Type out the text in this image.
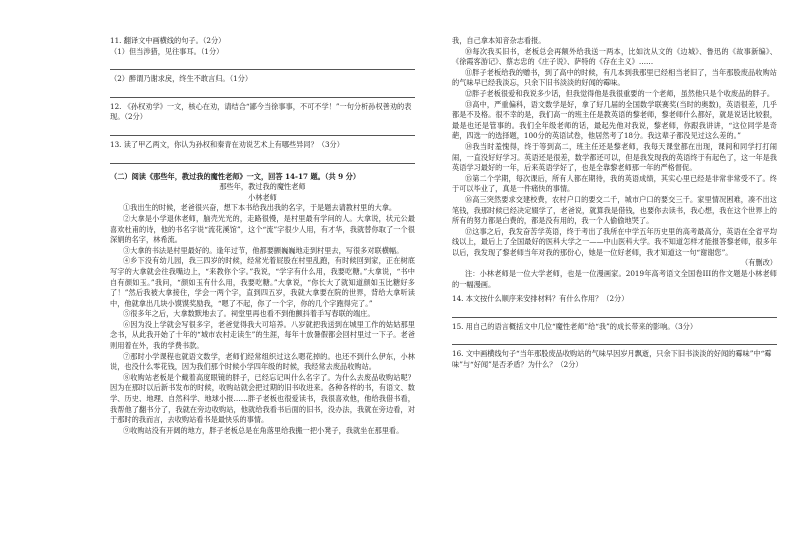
11. 翻译文中画横线的句子。（2分）

（1）但当涉猎，见往事耳。（1分）

（2）醉谓乃谢求戾，终生不敢言归。（1分）

12. 《孙权劝学》一文，核心在劝，请结合“鄙今当徐事事，不可不学！”一句分析孙权善劝的表现。（2分）

13. 读了甲乙两文，你认为孙权和秦青在劝说艺术上有哪些异同？（3分）

（二）阅读《那些年，教过我的魔性老师》一文，回答 14-17 题。（共 9 分）

那些年，教过我的魔性老师

小林老师

①我出生的时候，老爸很兴奋，想下本书给我出我的名字，于是题去请教村里的大拿。

②大拿是小学退休老师，脑壳光光的，走路很慢，是村里最有学问的人。大拿说，状元公最喜欢杜甫的诗，他的书名字说“流花溪馆”，这个“流”字很少人用，有才华，我就替你取了一个很深娟的名字，林希流。

③大拿的书法是村里最好的。逢年过节，他都要颤巍巍地走到村里去，写很多对联横幅。

④乡下没有幼儿园，我三四岁的时候，经常光着屁股在村里乱跑，有时候回到家，正在树底写字的大拿就会往我嘴边上，“来教你个字。”我说，“学字有什么用，我要吃糖。”大拿说，“书中自有颜如玉。”我问，“颜如玉有什么用，我要吃糖。”大拿说，“你长大了就知道颜如玉比糖好多了！”然后我被大拿接住，学会一两个字，直到四五岁，我就大拿要在院的世界，背给大拿听读中，他就拿出几块小馍馍奖励我，“嗯了不起，你了一个字，你的几个字跑得完了。”

⑤很多年之后，大拿数默地去了。祠堂里再也看不到他颤抖着手写春联的端庄。

⑥因为没上学就会写很多字，老爸觉得我大可培养。八岁就把我送到在城里工作的姑姑那里念书，从此我开始了十年的“城市农村走读生”的生涯，每年十放暑假都会回村里过一下子。老爸则用着在外，我的学费书款。

⑦那时小学课程也就语文数学，老师们经常组织过这么嗯花掉的。也还不到什么伊东，小林说，也没什么零花钱，因为我们那个时候小学四年级的时候，我经常去废品收购站。

⑧收购站老板是个戴着高度眼镜的胖子，已经忘记叫什么名字了。为什么去废品收购站呢？因为在那时以后新书发布的时候，收购站就会把过期的旧书收进来。各种各样的书，有语文、数学、历史、地理、自然科学、地球小报……胖子老板也很爱读书，我很喜欢他，他给我借书看，我帮他了翻书分了，我就在旁边收购站，他就给我看书后面的旧书，没办法，我就在旁边看，对于那时的我而言，去收购站看书是最快乐的事情。

⑨收购站没有开阔的地方，胖子老板总是在角落里给我搬一把小凳子，我就坐在那里看。

我，自己拿本知音杂志看报。

⑩每次我买旧书，老板总会再额外给我送一两本，比如沈从文的《边城》、鲁迅的《故事新编》、《徐霞客游记》、蔡志忠的《庄子说》、萨特的《存在主义》……

⑪胖子老板给我的赠书，到了高中的时候，有几本到我那里已经相当老旧了，当年那股废品收购站的气味早已经我淡忘，只余下旧书淡淡的好闻的霉味。

⑫胖子老板很爱和我说多少话，但我觉得他是我很重要的一个老师，虽然他只是个收废品的胖子。

⑬高中，严重偏科，语文数学是好，拿了好几届的全国数学联赛奖(当时的奥数)，英语很差，几乎都是不及格。很不幸的是，我们高一的班主任是教英语的黎老师，黎老师什么都好，就是说话比较狠，最是也还是管事的。我们全年级老师的话，最起先他对我说，黎老师，你跟我讲讲，“这位同学是奇葩，四选一的选择题，100分的英语试卷，他居然考了18分。我这辈子都没见过这么差的。”

⑭我当时羞愧得，终于等到高二，班主任还是黎老师，我每天课堂都在出现，课间和同学打打闹闹，一直没好好学习。英语还是很差，数学都还可以，但是我发现我的英语终于有起色了，这一年是我英语学习最好的一年，后来英语学好了，也是全靠黎老师那一年的严格督促。

⑮第二个学期，每次课后，所有人都在期待，我的英语成绩，其实心里已经是非常非常受不了。终于可以毕业了，真是一件痛快的事情。

⑯高三突然要求交建校费，农村户口的要交二千，城市户口的要交三千。家里情况困难，凑不出这笔钱，我那时候已经决定辍学了，老爸说，就算我是借钱，也要你去读书，我心想，我在这个世界上的所有的努力都是白费的，都是没有用的，我一个人偷偷地哭了。

⑰这事之后，我发奋苦学英语，终于考出了我所在中学五年历史里的高考最高分，英语在全省平均线以上，最后上了全国最好的医科大学之一——中山医科大学。我不知道怎样才能报答黎老师，很多年以后，我发现了黎老师当年对我的那份心，她是一位好老师，我才知道这一句“谢谢您”。

（有删改）

注：小林老师是一位大学老师，也是一位漫画家。2019年高考语文全国卷III的作文题是小林老师的一幅漫画。

14. 本文按什么顺序来安排材料？有什么作用？（2分）

15. 用自己的语言概括文中几位“魔性老师”给“我”的成长带来的影响。（3分）

16. 文中画横线句子“当年那股废品收购站的气味早因岁月飘逝，只余下旧书淡淡的好闻的霉味”中“霉味”与“好闻”是否矛盾？为什么？（2分）
